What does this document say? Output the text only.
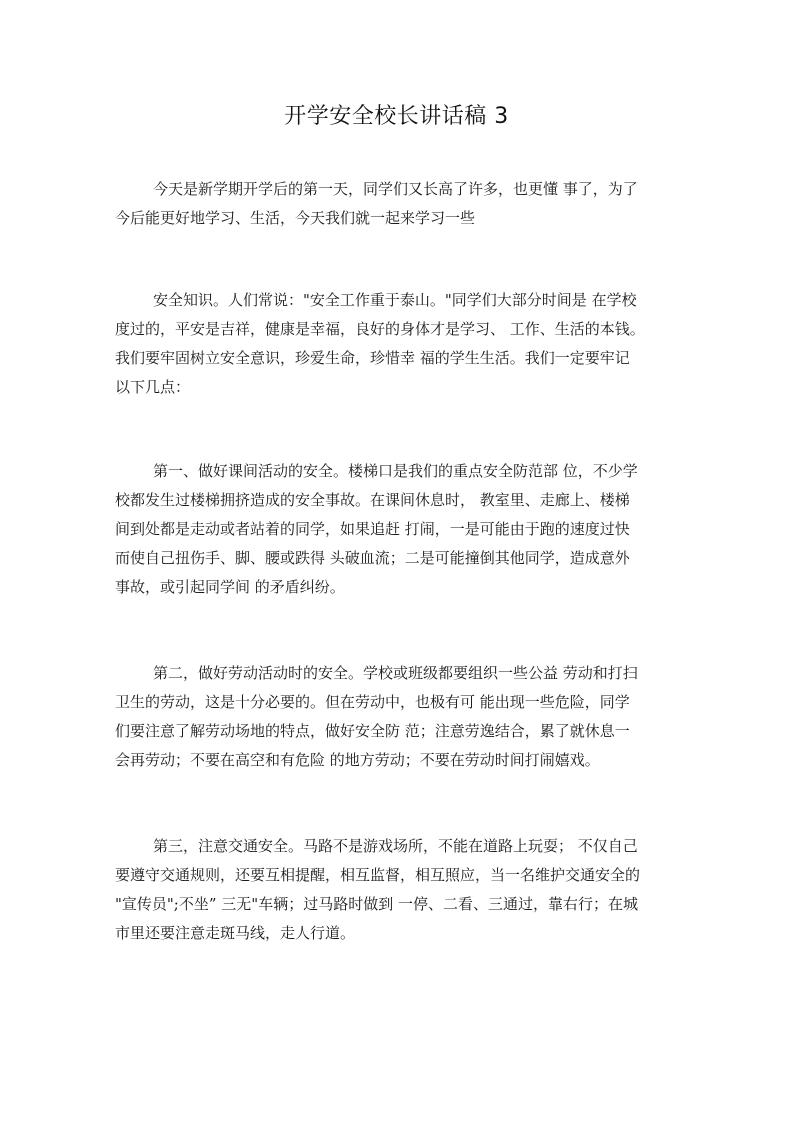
开学安全校长讲话稿 3
今天是新学期开学后的第一天，同学们又长高了许多，也更懂 事了，为了
今后能更好地学习、生活，今天我们就一起来学习一些
安全知识。人们常说："安全工作重于泰山。"同学们大部分时间是 在学校
度过的，平安是吉祥，健康是幸福，良好的身体才是学习、 工作、生活的本钱。
我们要牢固树立安全意识，珍爱生命，珍惜幸 福的学生生活。我们一定要牢记
以下几点：
第一、做好课间活动的安全。楼梯口是我们的重点安全防范部 位，不少学
校都发生过楼梯拥挤造成的安全事故。在课间休息时， 教室里、走廊上、楼梯
间到处都是走动或者站着的同学，如果追赶 打闹，一是可能由于跑的速度过快
而使自己扭伤手、脚、腰或跌得 头破血流；二是可能撞倒其他同学，造成意外
事故，或引起同学间 的矛盾纠纷。
第二，做好劳动活动时的安全。学校或班级都要组织一些公益 劳动和打扫
卫生的劳动，这是十分必要的。但在劳动中，也极有可 能出现一些危险，同学
们要注意了解劳动场地的特点，做好安全防 范；注意劳逸结合，累了就休息一
会再劳动；不要在高空和有危险 的地方劳动；不要在劳动时间打闹嬉戏。
第三，注意交通安全。马路不是游戏场所，不能在道路上玩耍； 不仅自己
要遵守交通规则，还要互相提醒，相互监督，相互照应，当一名维护交通安全的
"宣传员";不坐” 三无"车辆；过马路时做到 一停、二看、三通过，靠右行；在城
市里还要注意走斑马线，走人行道。
